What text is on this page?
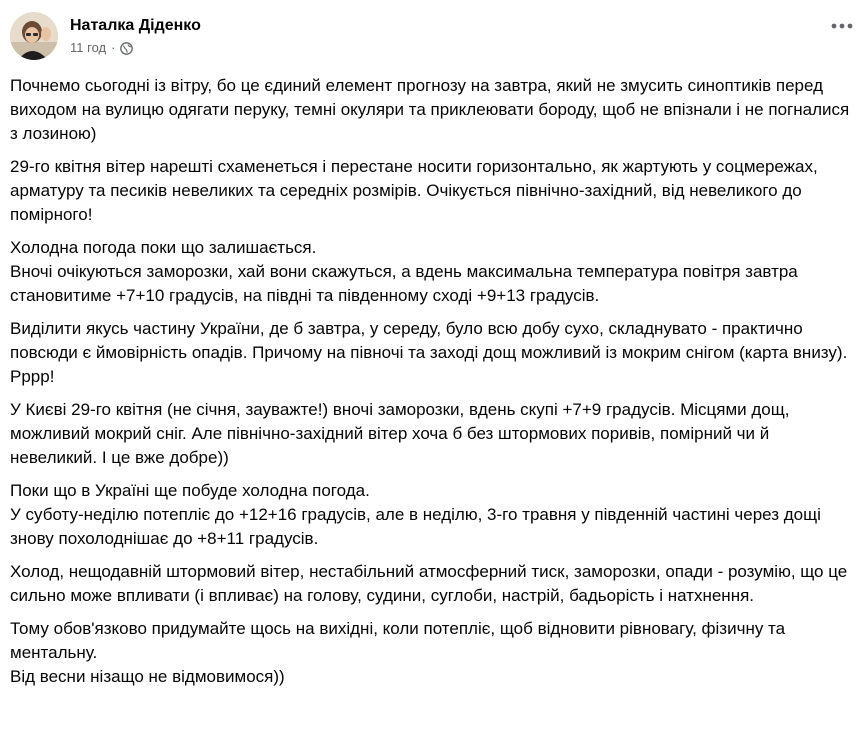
Наталка Діденко
11 год ·
Почнемо сьогодні із вітру, бо це єдиний елемент прогнозу на завтра, який не змусить синоптиків перед виходом на вулицю одягати перуку, темні окуляри та приклеювати бороду, щоб не впізнали і не погналися з лозиною)
29-го квітня вітер нарешті схаменеться і перестане носити горизонтально, як жартують у соцмережах, арматуру та песиків невеликих та середніх розмірів. Очікується північно-західний, від невеликого до помірного!
Холодна погода поки що залишається.
Вночі очікуються заморозки, хай вони скажуться, а вдень максимальна температура повітря завтра становитиме +7+10 градусів, на півдні та південному сході +9+13 градусів.
Виділити якусь частину України, де б завтра, у середу, було всю добу сухо, складнувато - практично повсюди є ймовірність опадів. Причому на півночі та заході дощ можливий із мокрим снігом (карта внизу). Рррр!
У Києві 29-го квітня (не січня, зауважте!) вночі заморозки, вдень скупі +7+9 градусів. Місцями дощ, можливий мокрий сніг. Але північно-західний вітер хоча б без штормових поривів, помірний чи й невеликий. І це вже добре))
Поки що в Україні ще побуде холодна погода.
У суботу-неділю потепліє до +12+16 градусів, але в неділю, 3-го травня у південній частині через дощі знову похолоднішає до +8+11 градусів.
Холод, нещодавній штормовий вітер, нестабільний атмосферний тиск, заморозки, опади - розумію, що це сильно може впливати (і впливає) на голову, судини, суглоби, настрій, бадьорість і натхнення.
Тому обов'язково придумайте щось на вихідні, коли потепліє, щоб відновити рівновагу, фізичну та ментальну.
Від весни нізащо не відмовимося))
